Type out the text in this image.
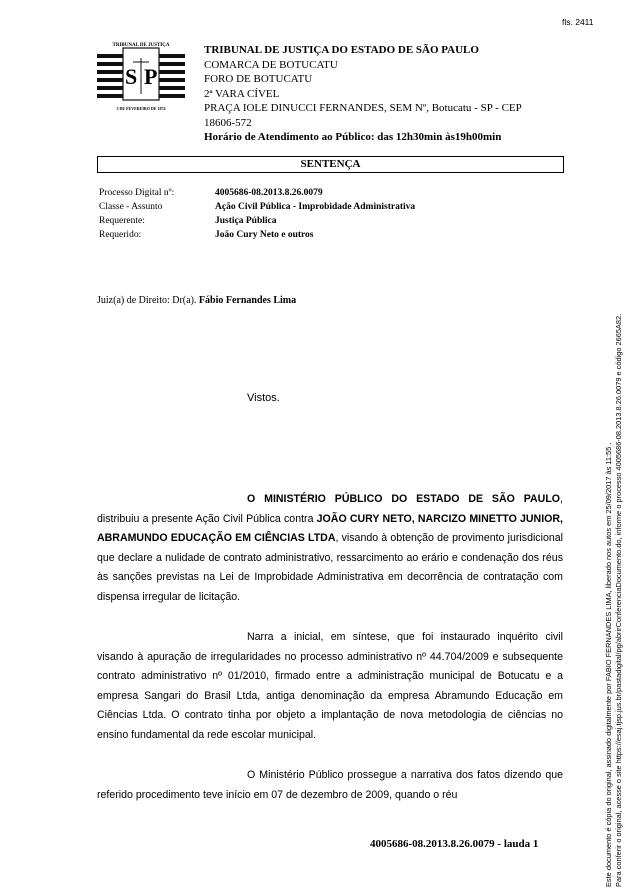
fls. 2411
TRIBUNAL DE JUSTIÇA
S P
3 DE FEVEREIRO DE 1874
TRIBUNAL DE JUSTIÇA DO ESTADO DE SÃO PAULO
COMARCA DE BOTUCATU
FORO DE BOTUCATU
2ª VARA CÍVEL
PRAÇA IOLE DINUCCI FERNANDES, SEM Nº, Botucatu - SP - CEP
18606-572
Horário de Atendimento ao Público: das 12h30min às19h00min
SENTENÇA
Processo Digital nº:	4005686-08.2013.8.26.0079
Classe - Assunto	Ação Civil Pública - Improbidade Administrativa
Requerente:	Justiça Pública
Requerido:	João Cury Neto e outros
Juiz(a) de Direito: Dr(a). Fábio Fernandes Lima
Vistos.

O MINISTÉRIO PÚBLICO DO ESTADO DE SÃO PAULO, distribuiu a presente Ação Civil Pública contra JOÃO CURY NETO, NARCIZO MINETTO JUNIOR, ABRAMUNDO EDUCAÇÃO EM CIÊNCIAS LTDA, visando à obtenção de provimento jurisdicional que declare a nulidade de contrato administrativo, ressarcimento ao erário e condenação dos réus às sanções previstas na Lei de Improbidade Administrativa em decorrência de contratação com dispensa irregular de licitação.

Narra a inicial, em síntese, que foi instaurado inquérito civil visando à apuração de irregularidades no processo administrativo nº 44.704/2009 e subsequente contrato administrativo nº 01/2010, firmado entre a administração municipal de Botucatu e a empresa Sangari do Brasil Ltda, antiga denominação da empresa Abramundo Educação em Ciências Ltda. O contrato tinha por objeto a implantação de nova metodologia de ciências no ensino fundamental da rede escolar municipal.

O Ministério Público prossegue a narrativa dos fatos dizendo que referido procedimento teve início em 07 de dezembro de 2009, quando o réu

4005686-08.2013.8.26.0079 - lauda 1	Este documento é cópia do original, assinado digitalmente por FABIO FERNANDES LIMA, liberado nos autos em 25/09/2017 às 11:55 . Para conferir o original, acesse o site https://esaj.tjsp.jus.br/pastadigital/pg/abrirConferenciaDocumento.do, informe o processo 4005686-08.2013.8.26.0079 e código 2665A82.
